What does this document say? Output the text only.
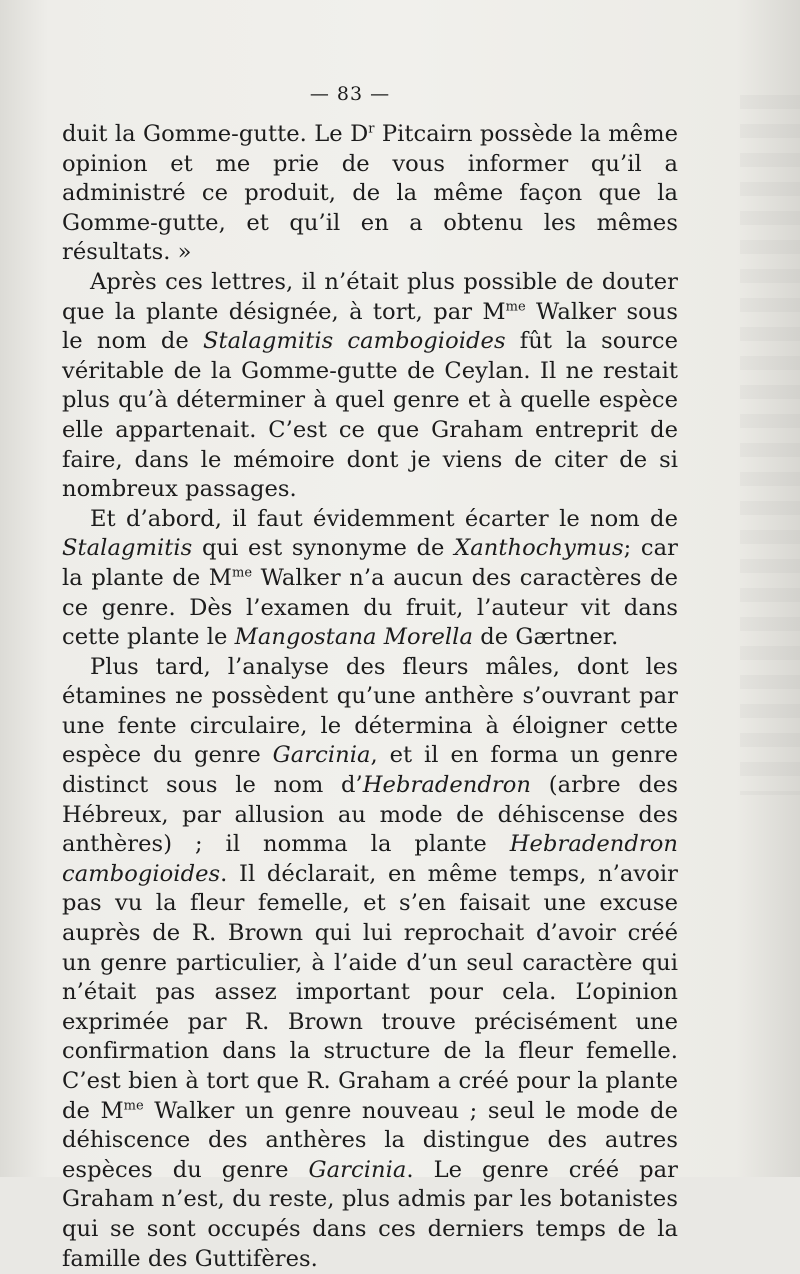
— 83 —

duit la Gomme-gutte. Le $D^r$ Pitcairn possède la même opinion et me prie de vous informer qu’il a administré ce produit, de la même façon que la Gomme-gutte, et qu’il en a obtenu les mêmes résultats. »

Après ces lettres, il n’était plus possible de douter que la plante désignée, à tort, par $M^{me}$ Walker sous le nom de Stalagmitis cambogioides fût la source véritable de la Gomme-gutte de Ceylan. Il ne restait plus qu’à déterminer à quel genre et à quelle espèce elle appartenait. C’est ce que Graham entreprit de faire, dans le mémoire dont je viens de citer de si nombreux passages.

Et d’abord, il faut évidemment écarter le nom de Stalagmitis qui est synonyme de Xanthochymus; car la plante de $M^{me}$ Walker n’a aucun des caractères de ce genre. Dès l’examen du fruit, l’auteur vit dans cette plante le Mangostana Morella de Gærtner.

Plus tard, l’analyse des fleurs mâles, dont les étamines ne possèdent qu’une anthère s’ouvrant par une fente circulaire, le détermina à éloigner cette espèce du genre Garcinia, et il en forma un genre distinct sous le nom d’Hebradendron (arbre des Hébreux, par allusion au mode de déhiscense des anthères) ; il nomma la plante Hebradendron cambogioides. Il déclarait, en même temps, n’avoir pas vu la fleur femelle, et s’en faisait une excuse auprès de R. Brown qui lui reprochait d’avoir créé un genre particulier, à l’aide d’un seul caractère qui n’était pas assez important pour cela. L’opinion exprimée par R. Brown trouve précisément une confirmation dans la structure de la fleur femelle. C’est bien à tort que R. Graham a créé pour la plante de $M^{me}$ Walker un genre nouveau ; seul le mode de déhiscence des anthères la distingue des autres espèces du genre Garcinia. Le genre créé par Graham n’est, du reste, plus admis par les botanistes qui se sont occupés dans ces derniers temps de la famille des Guttifères.
